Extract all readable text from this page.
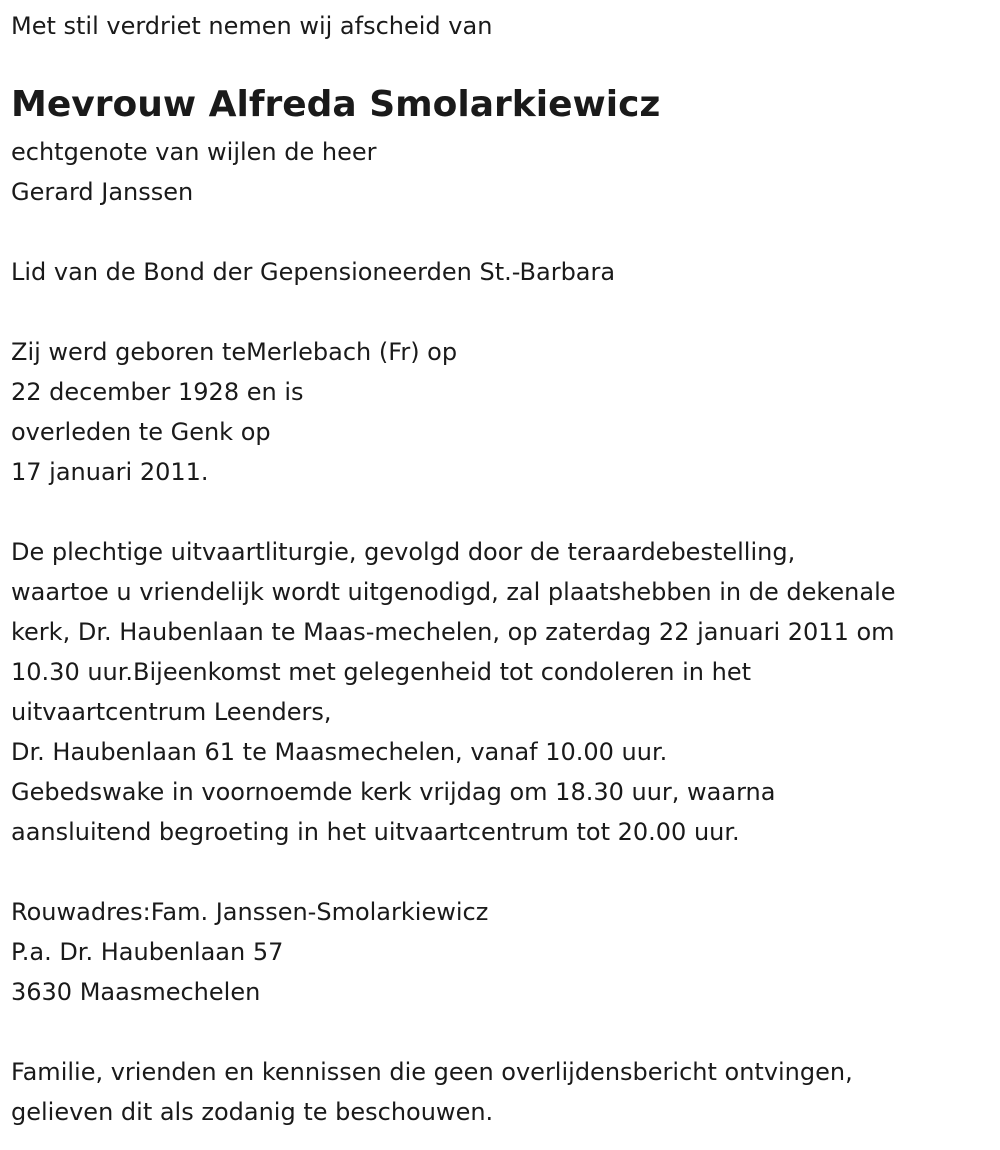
Met stil verdriet nemen wij afscheid van

Mevrouw Alfreda Smolarkiewicz

echtgenote van wijlen de heer

Gerard Janssen

Lid van de Bond der Gepensioneerden St.-Barbara

Zij werd geboren teMerlebach (Fr) op

22 december 1928 en is

overleden te Genk op

17 januari 2011.

De plechtige uitvaartliturgie, gevolgd door de teraardebestelling,

waartoe u vriendelijk wordt uitgenodigd, zal plaatshebben in de dekenale

kerk, Dr. Haubenlaan te Maas-mechelen, op zaterdag 22 januari 2011 om

10.30 uur.Bijeenkomst met gelegenheid tot condoleren in het

uitvaartcentrum Leenders,

Dr. Haubenlaan 61 te Maasmechelen, vanaf 10.00 uur.

Gebedswake in voornoemde kerk vrijdag om 18.30 uur, waarna

aansluitend begroeting in het uitvaartcentrum tot 20.00 uur.

Rouwadres:Fam. Janssen-Smolarkiewicz

P.a. Dr. Haubenlaan 57

3630 Maasmechelen

Familie, vrienden en kennissen die geen overlijdensbericht ontvingen,

gelieven dit als zodanig te beschouwen.
